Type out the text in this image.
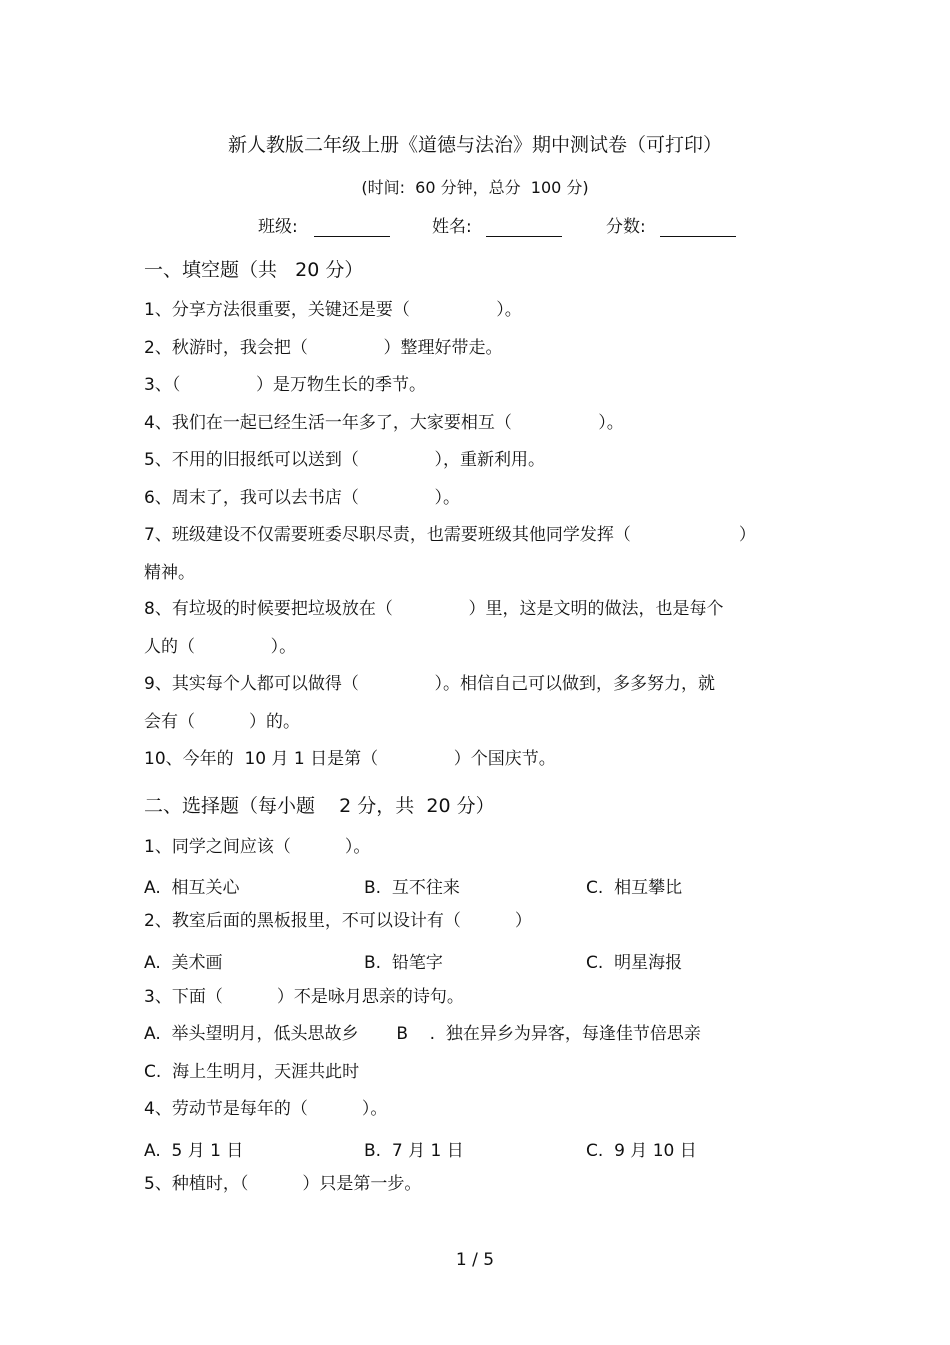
新人教版二年级上册《道德与法治》期中测试卷（可打印）
(时间:  60 分钟，总分  100 分)
班级:	姓名:	分数:
一、填空题（共   20 分）
1、分享方法很重要，关键还是要（                ）。
2、秋游时，我会把（              ）整理好带走。
3、（              ）是万物生长的季节。
4、我们在一起已经生活一年多了，大家要相互（                ）。
5、不用的旧报纸可以送到（              ），重新利用。
6、周末了，我可以去书店（              ）。
7、班级建设不仅需要班委尽职尽责，也需要班级其他同学发挥（                    ）
精神。
8、有垃圾的时候要把垃圾放在（              ）里，这是文明的做法，也是每个
人的（              ）。
9、其实每个人都可以做得（              ）。相信自己可以做到，多多努力，就
会有（          ）的。
10、今年的  10 月 1 日是第（              ）个国庆节。
二、选择题（每小题    2 分，共  20 分）
1、同学之间应该（          ）。
A.  相互关心	B.  互不往来	C.  相互攀比
2、教室后面的黑板报里，不可以设计有（          ）
A.  美术画	B.  铅笔字	C.  明星海报
3、下面（          ）不是咏月思亲的诗句。
A.  举头望明月，低头思故乡       B    .  独在异乡为异客，每逢佳节倍思亲
C.  海上生明月，天涯共此时
4、劳动节是每年的（          ）。
A.  5 月 1 日	B.  7 月 1 日	C.  9 月 10 日
5、种植时，（          ）只是第一步。
1 / 5
